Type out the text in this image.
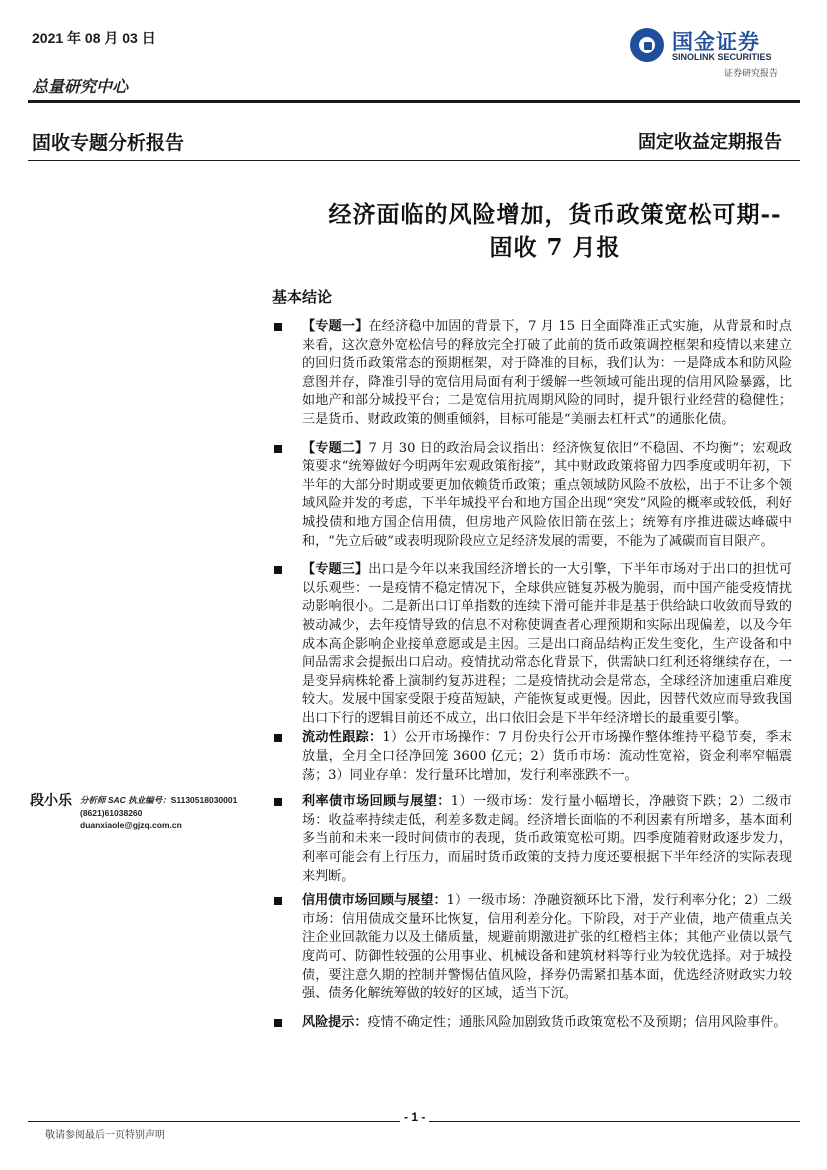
2021 年 08 月 03 日
总量研究中心
国金证券
SINOLINK SECURITIES
证券研究报告
固收专题分析报告	固定收益定期报告
经济面临的风险增加，货币政策宽松可期--固收 7 月报
基本结论
【专题一】在经济稳中加固的背景下，7 月 15 日全面降准正式实施，从背景和时点来看，这次意外宽松信号的释放完全打破了此前的货币政策调控框架和疫情以来建立的回归货币政策常态的预期框架，对于降准的目标，我们认为：一是降成本和防风险意图并存，降准引导的宽信用局面有利于缓解一些领域可能出现的信用风险暴露，比如地产和部分城投平台；二是宽信用抗周期风险的同时，提升银行业经营的稳健性；三是货币、财政政策的侧重倾斜，目标可能是“美丽去杠杆式”的通胀化债。
【专题二】7 月 30 日的政治局会议指出：经济恢复依旧“不稳固、不均衡”；宏观政策要求“统筹做好今明两年宏观政策衔接”，其中财政政策将留力四季度或明年初，下半年的大部分时期或要更加依赖货币政策；重点领域防风险不放松，出于不让多个领域风险并发的考虑，下半年城投平台和地方国企出现“突发”风险的概率或较低，利好城投债和地方国企信用债，但房地产风险依旧箭在弦上；统筹有序推进碳达峰碳中和，“先立后破”或表明现阶段应立足经济发展的需要，不能为了减碳而盲目限产。
【专题三】出口是今年以来我国经济增长的一大引擎，下半年市场对于出口的担忧可以乐观些：一是疫情不稳定情况下，全球供应链复苏极为脆弱，而中国产能受疫情扰动影响很小。二是新出口订单指数的连续下滑可能并非是基于供给缺口收敛而导致的被动减少，去年疫情导致的信息不对称使调查者心理预期和实际出现偏差，以及今年成本高企影响企业接单意愿或是主因。三是出口商品结构正发生变化，生产设备和中间品需求会提振出口启动。疫情扰动常态化背景下，供需缺口红利还将继续存在，一是变异病株轮番上演制约复苏进程；二是疫情扰动会是常态，全球经济加速重启难度较大。发展中国家受限于疫苗短缺，产能恢复或更慢。因此，因替代效应而导致我国出口下行的逻辑目前还不成立，出口依旧会是下半年经济增长的最重要引擎。
流动性跟踪：1）公开市场操作：7 月份央行公开市场操作整体维持平稳节奏，季末放量，全月全口径净回笼 3600 亿元；2）货币市场：流动性宽裕，资金利率窄幅震荡；3）同业存单：发行量环比增加，发行利率涨跌不一。
利率债市场回顾与展望：1）一级市场：发行量小幅增长，净融资下跌；2）二级市场：收益率持续走低，利差多数走阔。经济增长面临的不利因素有所增多，基本面利多当前和未来一段时间债市的表现，货币政策宽松可期。四季度随着财政逐步发力，利率可能会有上行压力，而届时货币政策的支持力度还要根据下半年经济的实际表现来判断。
信用债市场回顾与展望：1）一级市场：净融资额环比下滑，发行利率分化；2）二级市场：信用债成交量环比恢复，信用利差分化。下阶段，对于产业债，地产债重点关注企业回款能力以及土储质量，规避前期激进扩张的红橙档主体；其他产业债以景气度尚可、防御性较强的公用事业、机械设备和建筑材料等行业为较优选择。对于城投债，要注意久期的控制并警惕估值风险，择券仍需紧扣基本面，优选经济财政实力较强、债务化解统筹做的较好的区域，适当下沉。
风险提示：疫情不确定性；通胀风险加剧致货币政策宽松不及预期；信用风险事件。
段小乐 分析师 SAC 执业编号：S1130518030001
(8621)61038260
duanxiaole@gjzq.com.cn
- 1 -
敬请参阅最后一页特别声明
